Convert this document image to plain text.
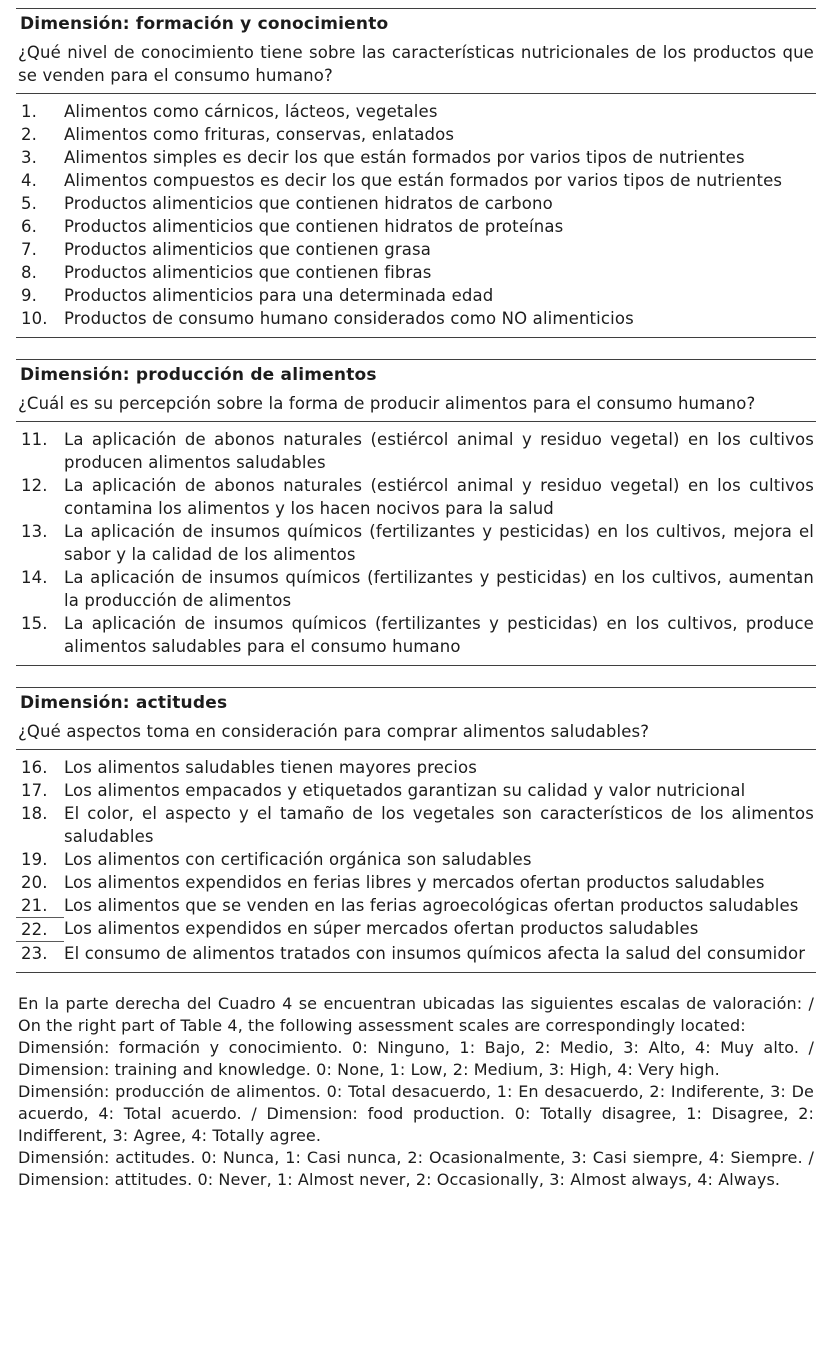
Dimensión: formación y conocimiento

¿Qué nivel de conocimiento tiene sobre las características nutricionales de los productos que se venden para el consumo humano?

1.	Alimentos como cárnicos, lácteos, vegetales
2.	Alimentos como frituras, conservas, enlatados
3.	Alimentos simples es decir los que están formados por varios tipos de nutrientes
4.	Alimentos compuestos es decir los que están formados por varios tipos de nutrientes
5.	Productos alimenticios que contienen hidratos de carbono
6.	Productos alimenticios que contienen hidratos de proteínas
7.	Productos alimenticios que contienen grasa
8.	Productos alimenticios que contienen fibras
9.	Productos alimenticios para una determinada edad
10. Productos de consumo humano considerados como NO alimenticios
Dimensión: producción de alimentos

¿Cuál es su percepción sobre la forma de producir alimentos para el consumo humano?

11. La aplicación de abonos naturales (estiércol animal y residuo vegetal) en los cultivos producen alimentos saludables
12. La aplicación de abonos naturales (estiércol animal y residuo vegetal) en los cultivos contamina los alimentos y los hacen nocivos para la salud
13. La aplicación de insumos químicos (fertilizantes y pesticidas) en los cultivos, mejora el sabor y la calidad de los alimentos
14. La aplicación de insumos químicos (fertilizantes y pesticidas) en los cultivos, aumentan la producción de alimentos
15. La aplicación de insumos químicos (fertilizantes y pesticidas) en los cultivos, produce alimentos saludables para el consumo humano
Dimensión: actitudes

¿Qué aspectos toma en consideración para comprar alimentos saludables?

16. Los alimentos saludables tienen mayores precios
17. Los alimentos empacados y etiquetados garantizan su calidad y valor nutricional
18. El color, el aspecto y el tamaño de los vegetales son característicos de los alimentos saludables
19. Los alimentos con certificación orgánica son saludables
20. Los alimentos expendidos en ferias libres y mercados ofertan productos saludables
21. Los alimentos que se venden en las ferias agroecológicas ofertan productos saludables
22. Los alimentos expendidos en súper mercados ofertan productos saludables
23. El consumo de alimentos tratados con insumos químicos afecta la salud del consumidor

En la parte derecha del Cuadro 4 se encuentran ubicadas las siguientes escalas de valoración: / On the right part of Table 4, the following assessment scales are correspondingly located:

Dimensión: formación y conocimiento. 0: Ninguno, 1: Bajo, 2: Medio, 3: Alto, 4: Muy alto. / Dimension: training and knowledge. 0: None, 1: Low, 2: Medium, 3: High, 4: Very high.

Dimensión: producción de alimentos. 0: Total desacuerdo, 1: En desacuerdo, 2: Indiferente, 3: De acuerdo, 4: Total acuerdo. / Dimension: food production. 0: Totally disagree, 1: Disagree, 2: Indifferent, 3: Agree, 4: Totally agree.

Dimensión: actitudes. 0: Nunca, 1: Casi nunca, 2: Ocasionalmente, 3: Casi siempre, 4: Siempre. / Dimension: attitudes. 0: Never, 1: Almost never, 2: Occasionally, 3: Almost always, 4: Always.
